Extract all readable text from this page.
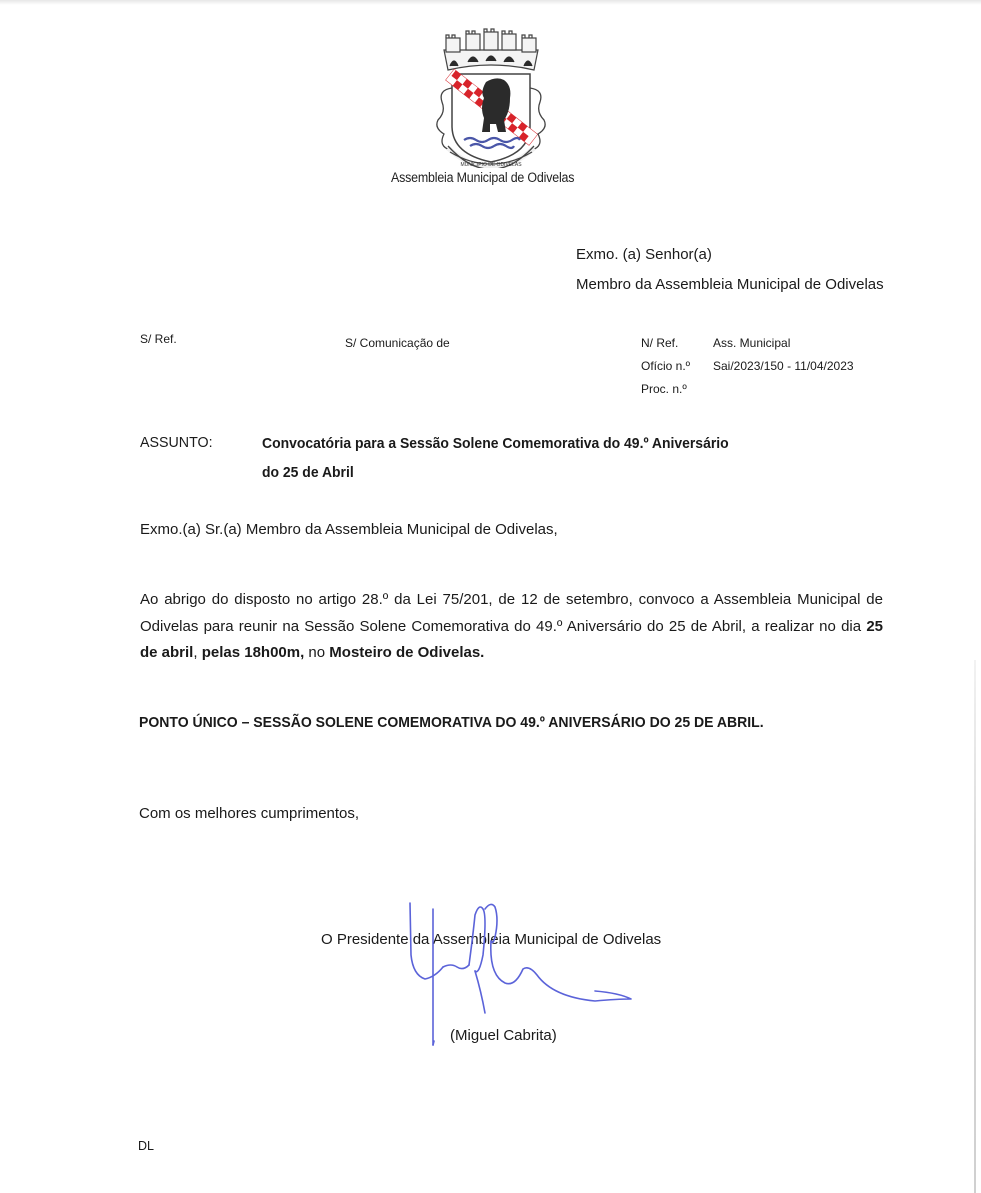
MUNICIPIO DE ODIVELAS
Assembleia Municipal de Odivelas
Exmo. (a) Senhor(a)
Membro da Assembleia Municipal de Odivelas
S/ Ref.	S/ Comunicação de	N/ Ref.	Ass. Municipal
Ofício n.º Sai/2023/150 - 11/04/2023
Proc. n.º
ASSUNTO:	Convocatória para a Sessão Solene Comemorativa do 49.º Aniversário
do 25 de Abril
Exmo.(a) Sr.(a) Membro da Assembleia Municipal de Odivelas,
Ao abrigo do disposto no artigo 28.º da Lei 75/201, de 12 de setembro, convoco a Assembleia Municipal de Odivelas para reunir na Sessão Solene Comemorativa do 49.º Aniversário do 25 de Abril, a realizar no dia 25 de abril, pelas 18h00m, no Mosteiro de Odivelas.
PONTO ÚNICO – SESSÃO SOLENE COMEMORATIVA DO 49.º ANIVERSÁRIO DO 25 DE ABRIL.
Com os melhores cumprimentos,
O Presidente da Assembleia Municipal de Odivelas
(Miguel Cabrita)
DL
